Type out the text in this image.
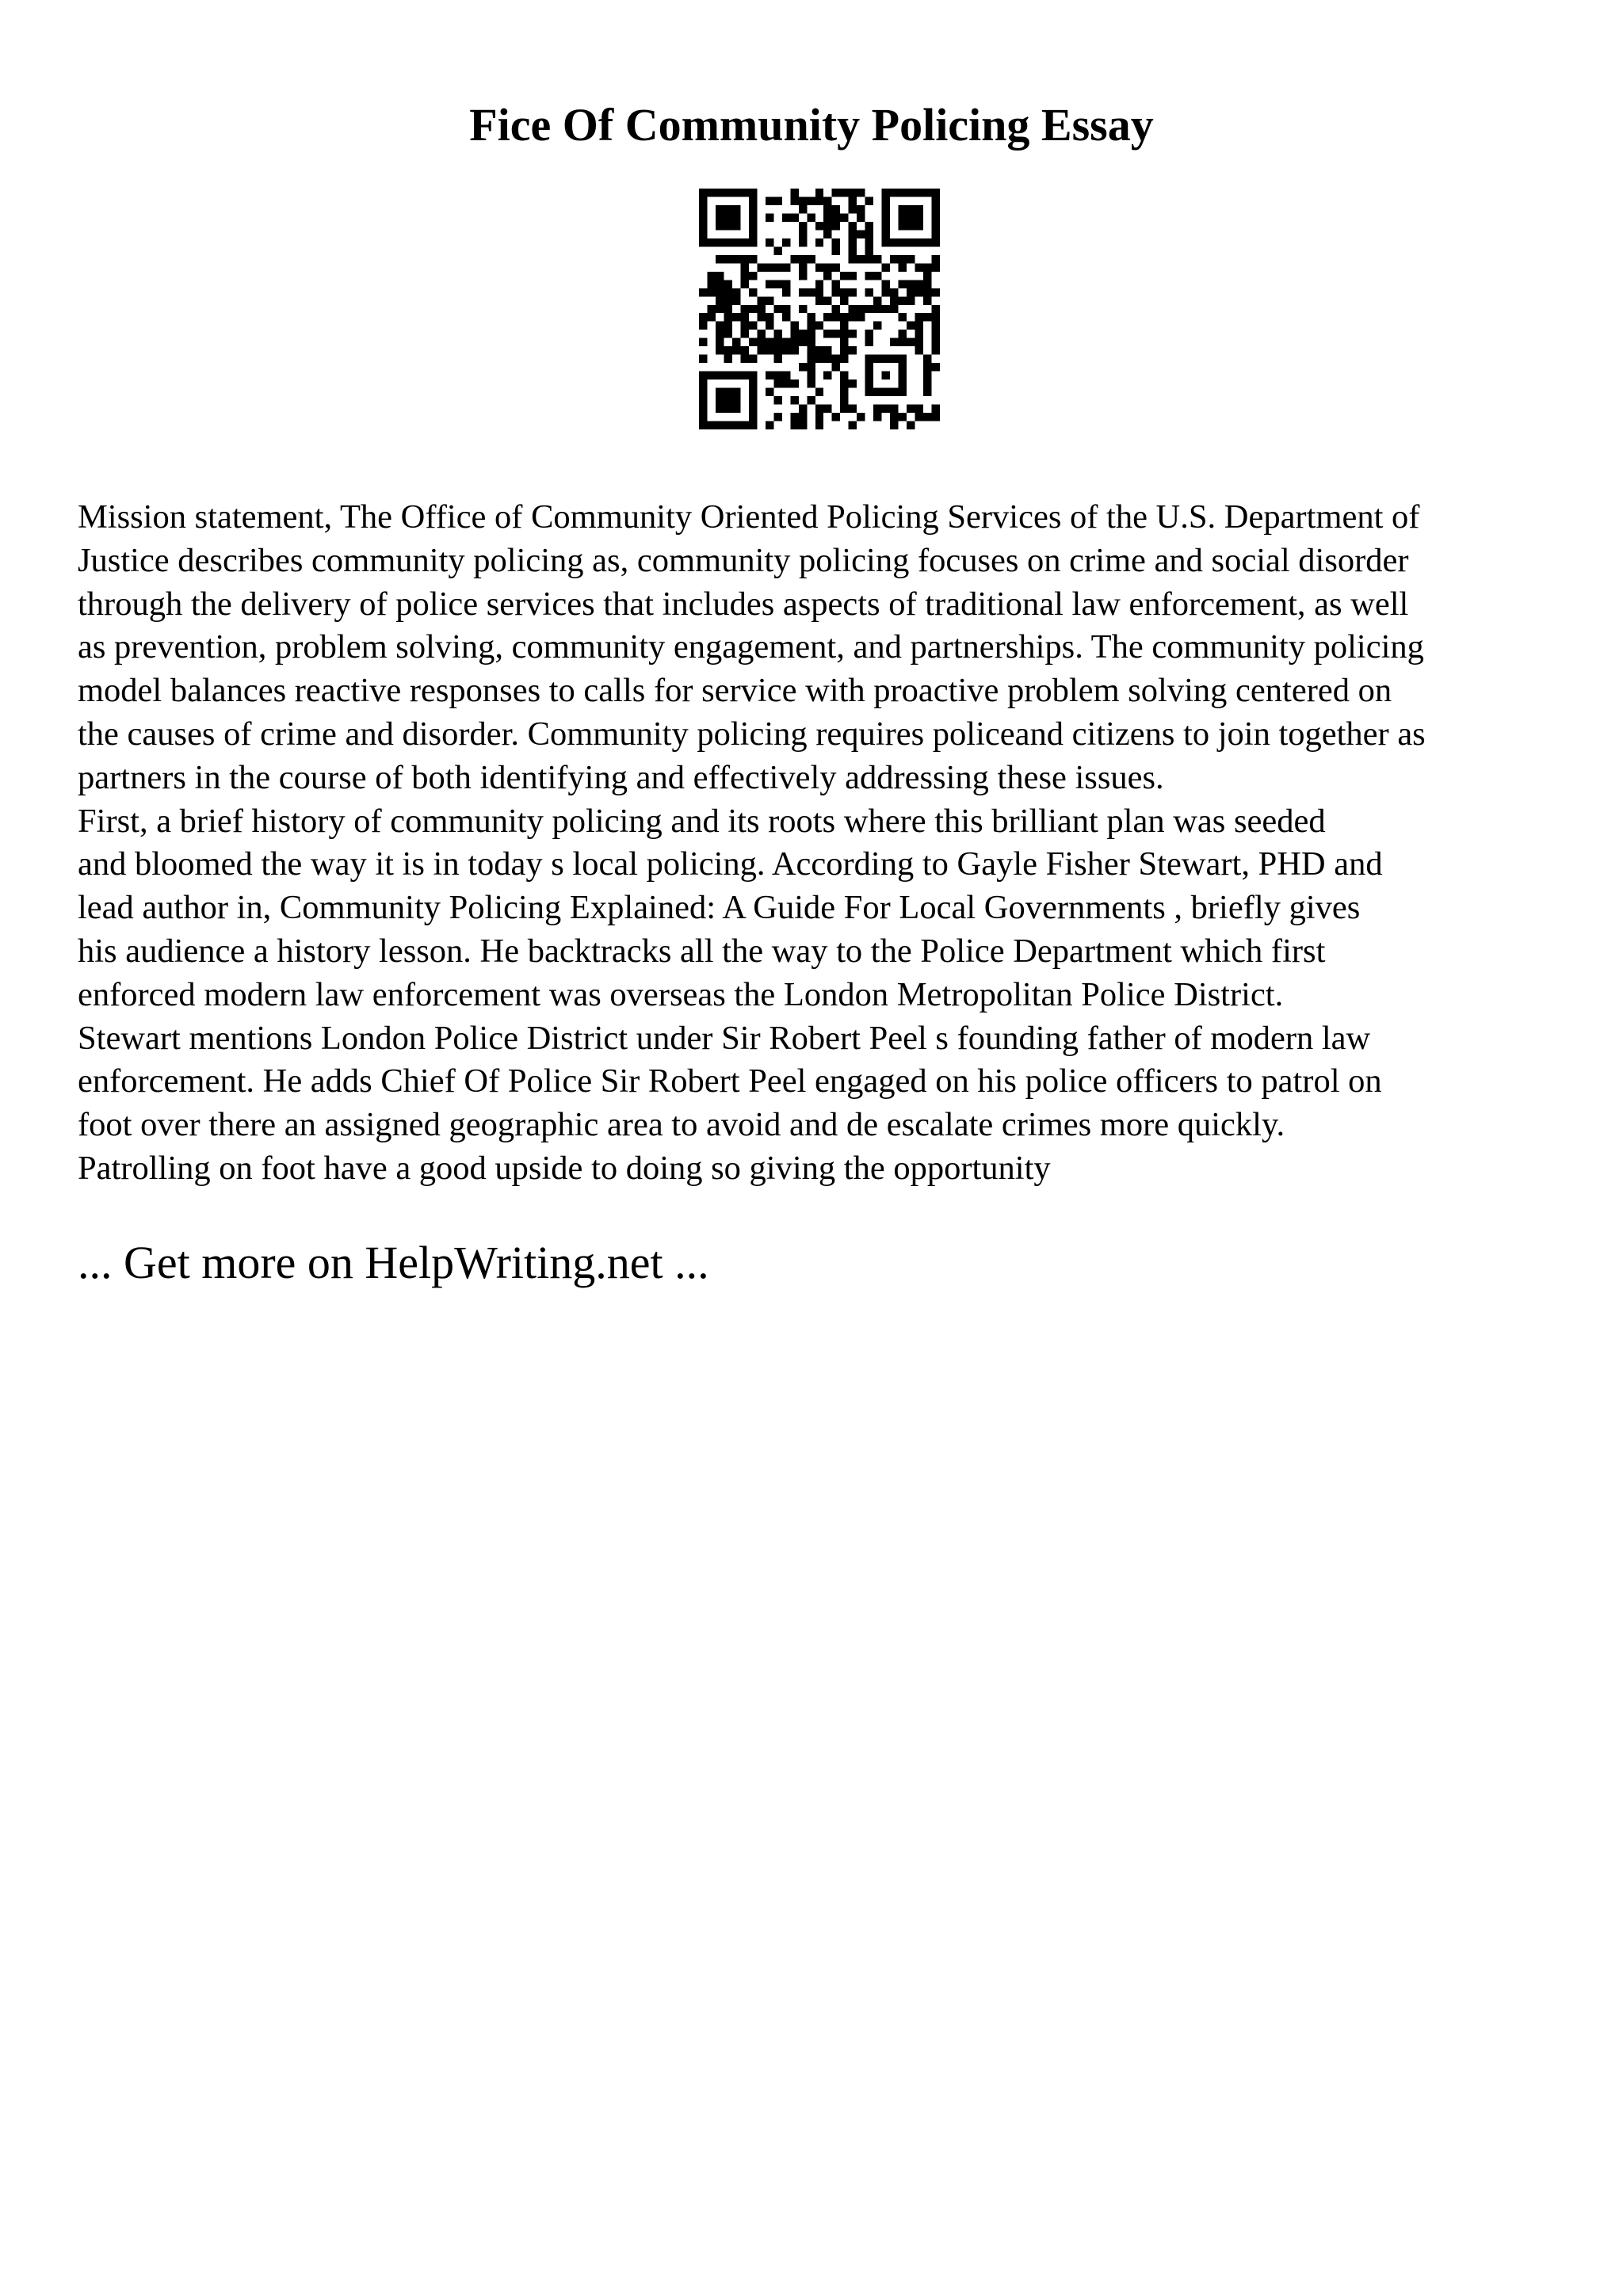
Fice Of Community Policing Essay
Mission statement, The Office of Community Oriented Policing Services of the U.S. Department of
Justice describes community policing as, community policing focuses on crime and social disorder
through the delivery of police services that includes aspects of traditional law enforcement, as well
as prevention, problem solving, community engagement, and partnerships. The community policing
model balances reactive responses to calls for service with proactive problem solving centered on
the causes of crime and disorder. Community policing requires policeand citizens to join together as
partners in the course of both identifying and effectively addressing these issues.
First, a brief history of community policing and its roots where this brilliant plan was seeded
and bloomed the way it is in today s local policing. According to Gayle Fisher Stewart, PHD and
lead author in, Community Policing Explained: A Guide For Local Governments , briefly gives
his audience a history lesson. He backtracks all the way to the Police Department which first
enforced modern law enforcement was overseas the London Metropolitan Police District.
Stewart mentions London Police District under Sir Robert Peel s founding father of modern law
enforcement. He adds Chief Of Police Sir Robert Peel engaged on his police officers to patrol on
foot over there an assigned geographic area to avoid and de escalate crimes more quickly.
Patrolling on foot have a good upside to doing so giving the opportunity
... Get more on HelpWriting.net ...
